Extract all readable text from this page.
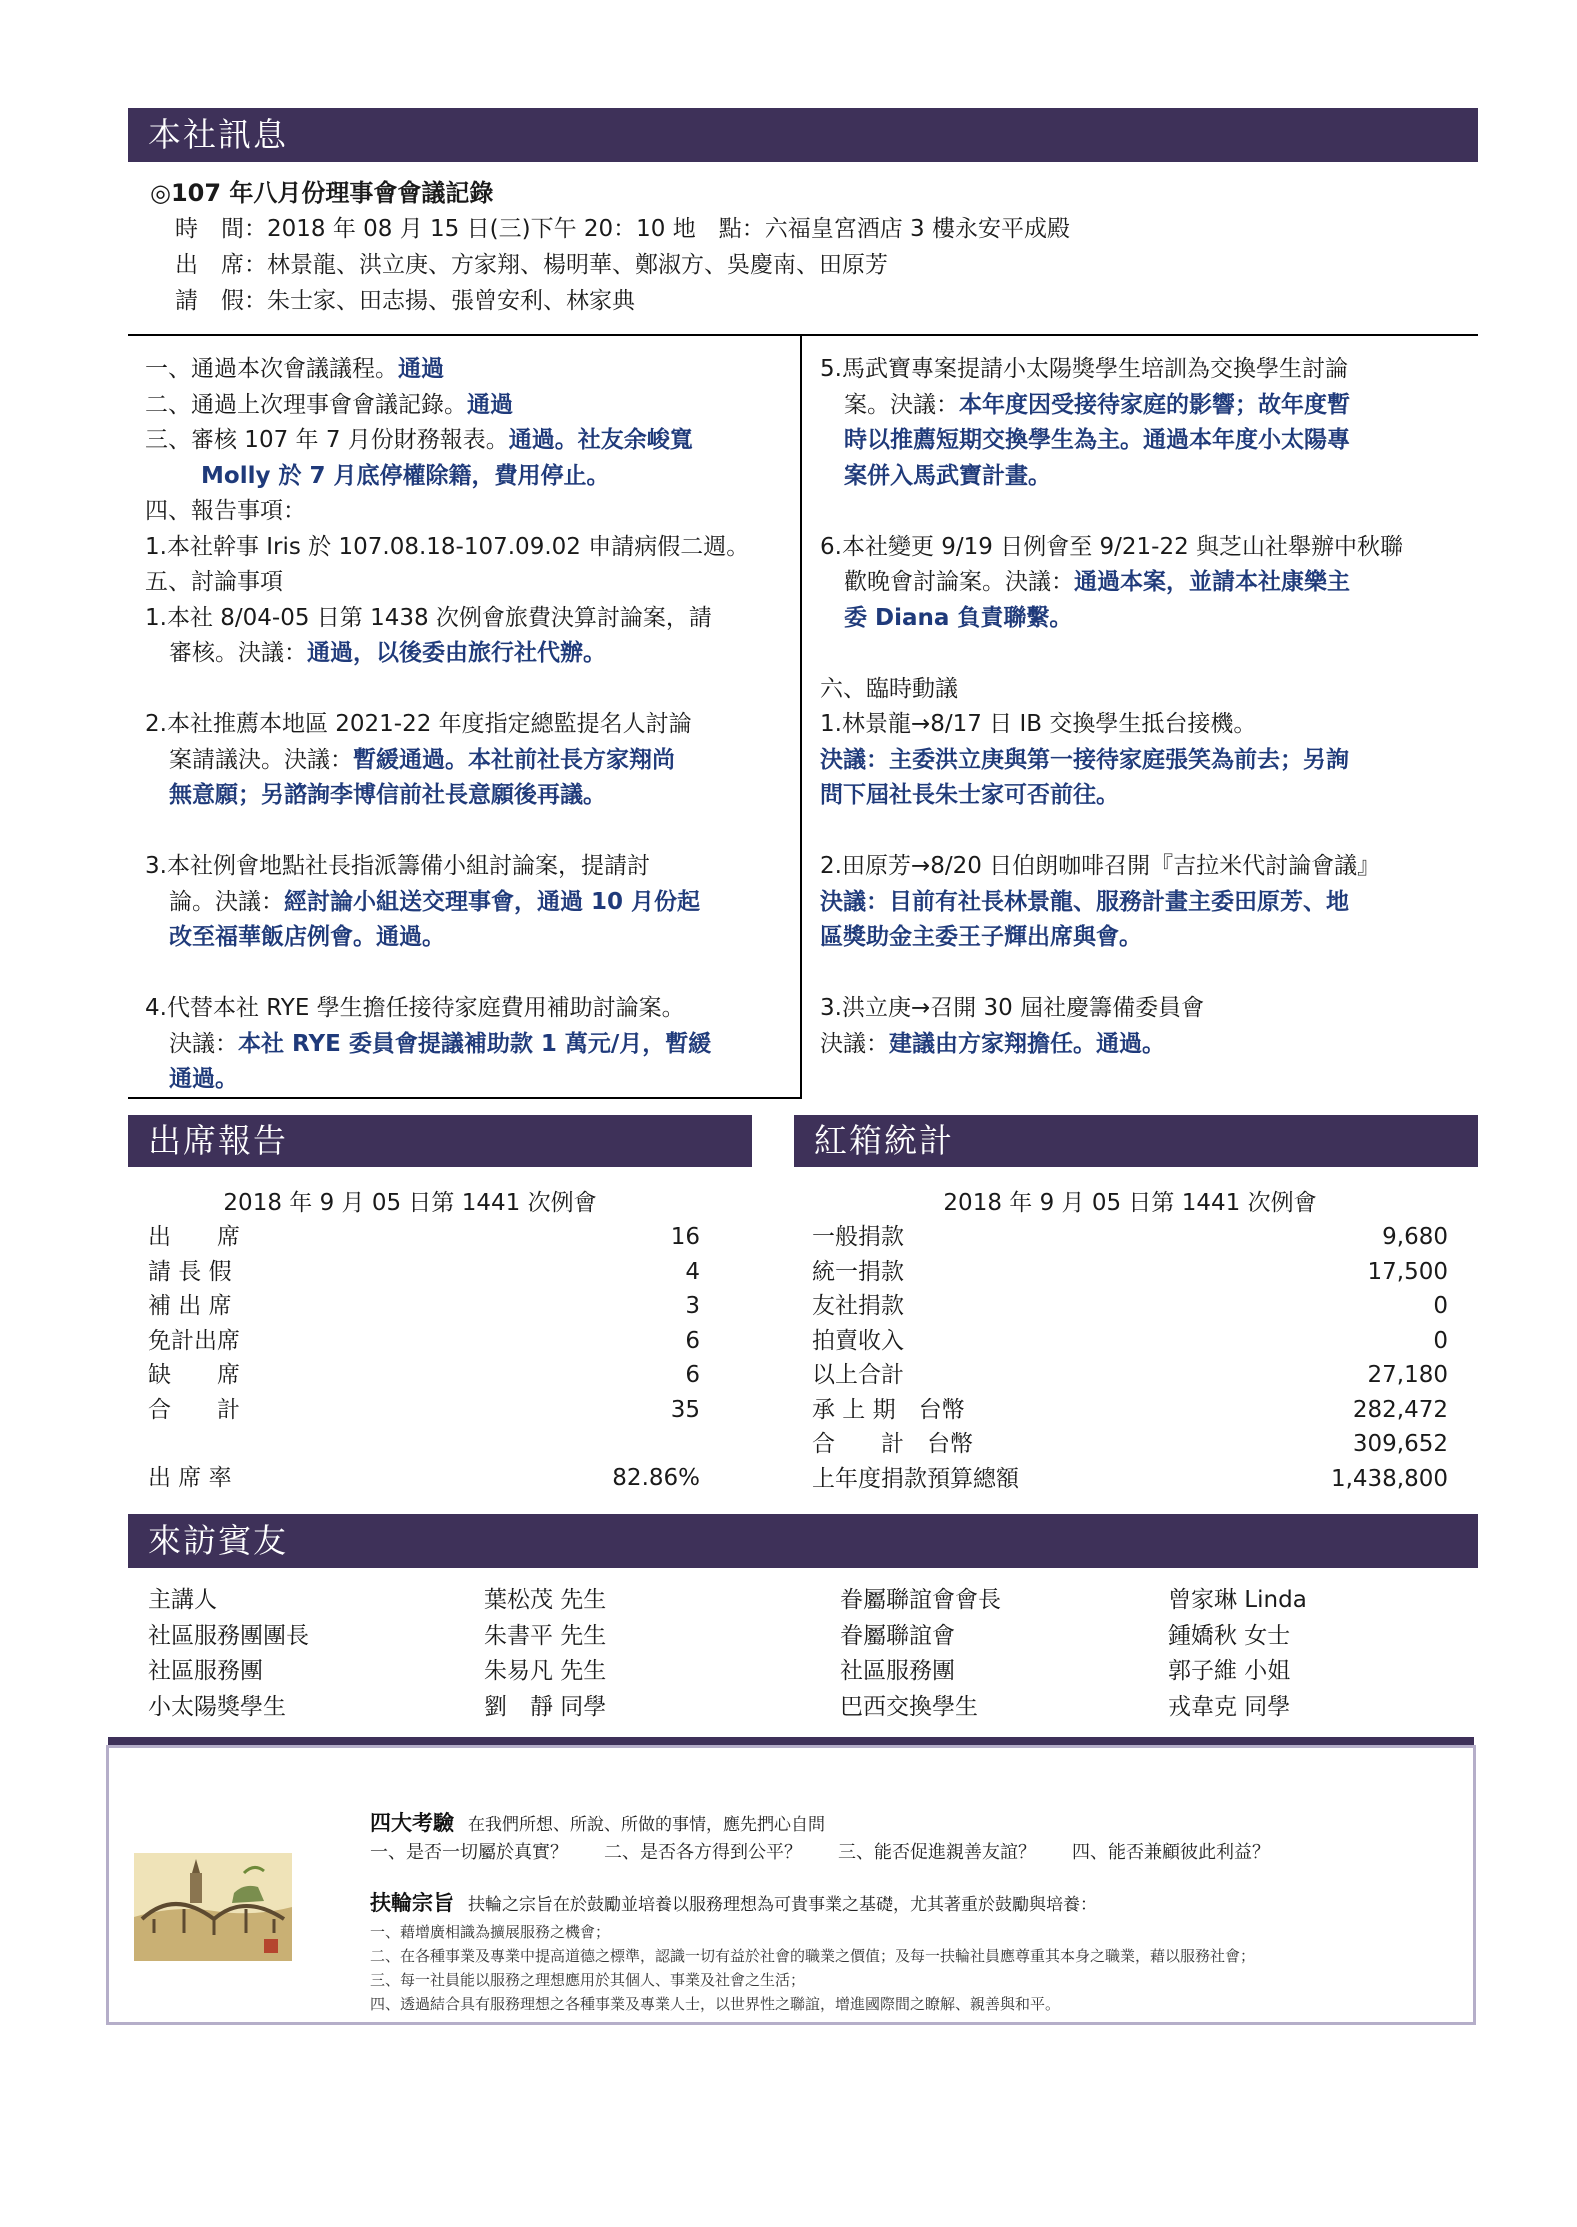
本社訊息
◎107 年八月份理事會會議記錄
時　間：2018 年 08 月 15 日(三)下午 20：10 地　點：六福皇宮酒店 3 樓永安平成殿
出　席：林景龍、洪立庚、方家翔、楊明華、鄭淑方、吳慶南、田原芳
請　假：朱士家、田志揚、張曾安利、林家典
一、通過本次會議議程。通過
二、通過上次理事會會議記錄。通過
三、審核 107 年 7 月份財務報表。通過。社友余峻寬
Molly 於 7 月底停權除籍，費用停止。
四、報告事項：
1.本社幹事 Iris 於 107.08.18-107.09.02 申請病假二週。
五、討論事項
1.本社 8/04-05 日第 1438 次例會旅費決算討論案，請
審核。決議：通過，以後委由旅行社代辦。
2.本社推薦本地區 2021-22 年度指定總監提名人討論
案請議決。決議：暫緩通過。本社前社長方家翔尚
無意願；另諮詢李博信前社長意願後再議。
3.本社例會地點社長指派籌備小組討論案，提請討
論。決議：經討論小組送交理事會，通過 10 月份起
改至福華飯店例會。通過。
4.代替本社 RYE 學生擔任接待家庭費用補助討論案。
決議：本社 RYE 委員會提議補助款 1 萬元/月，暫緩
通過。
5.馬武寶專案提請小太陽獎學生培訓為交換學生討論
案。決議：本年度因受接待家庭的影響；故年度暫
時以推薦短期交換學生為主。通過本年度小太陽專
案併入馬武寶計畫。
6.本社變更 9/19 日例會至 9/21-22 與芝山社舉辦中秋聯
歡晚會討論案。決議：通過本案，並請本社康樂主
委 Diana 負責聯繫。
六、臨時動議
1.林景龍→8/17 日 IB 交換學生抵台接機。
決議：主委洪立庚與第一接待家庭張笑為前去；另詢
問下屆社長朱士家可否前往。
2.田原芳→8/20 日伯朗咖啡召開『吉拉米代討論會議』
決議：目前有社長林景龍、服務計畫主委田原芳、地
區獎助金主委王子輝出席與會。
3.洪立庚→召開 30 屆社慶籌備委員會
決議：建議由方家翔擔任。通過。
出席報告	紅箱統計
2018 年 9 月 05 日第 1441 次例會
出　　席	16
請 長 假	4
補 出 席	3
免計出席	6
缺　　席	6
合　　計	35
出 席 率	82.86%
2018 年 9 月 05 日第 1441 次例會
一般捐款	9,680
統一捐款	17,500
友社捐款	0
拍賣收入	0
以上合計	27,180
承 上 期　台幣	282,472
合　　計　台幣	309,652
上年度捐款預算總額	1,438,800
來訪賓友
主講人	葉松茂 先生	眷屬聯誼會會長	曾家琳 Linda
社區服務團團長	朱書平 先生	眷屬聯誼會	鍾嬌秋 女士
社區服務團	朱易凡 先生	社區服務團	郭子維 小姐
小太陽獎學生	劉　靜 同學	巴西交換學生	戎韋克 同學
四大考驗 在我們所想、所說、所做的事情，應先捫心自問
一、是否一切屬於真實？　　二、是否各方得到公平？　　三、能否促進親善友誼？　　四、能否兼顧彼此利益？
扶輪宗旨 扶輪之宗旨在於鼓勵並培養以服務理想為可貴事業之基礎，尤其著重於鼓勵與培養：
一、藉增廣相識為擴展服務之機會；
二、在各種事業及專業中提高道德之標準，認識一切有益於社會的職業之價值；及每一扶輪社員應尊重其本身之職業，藉以服務社會；
三、每一社員能以服務之理想應用於其個人、事業及社會之生活；
四、透過結合具有服務理想之各種事業及專業人士，以世界性之聯誼，增進國際間之瞭解、親善與和平。
